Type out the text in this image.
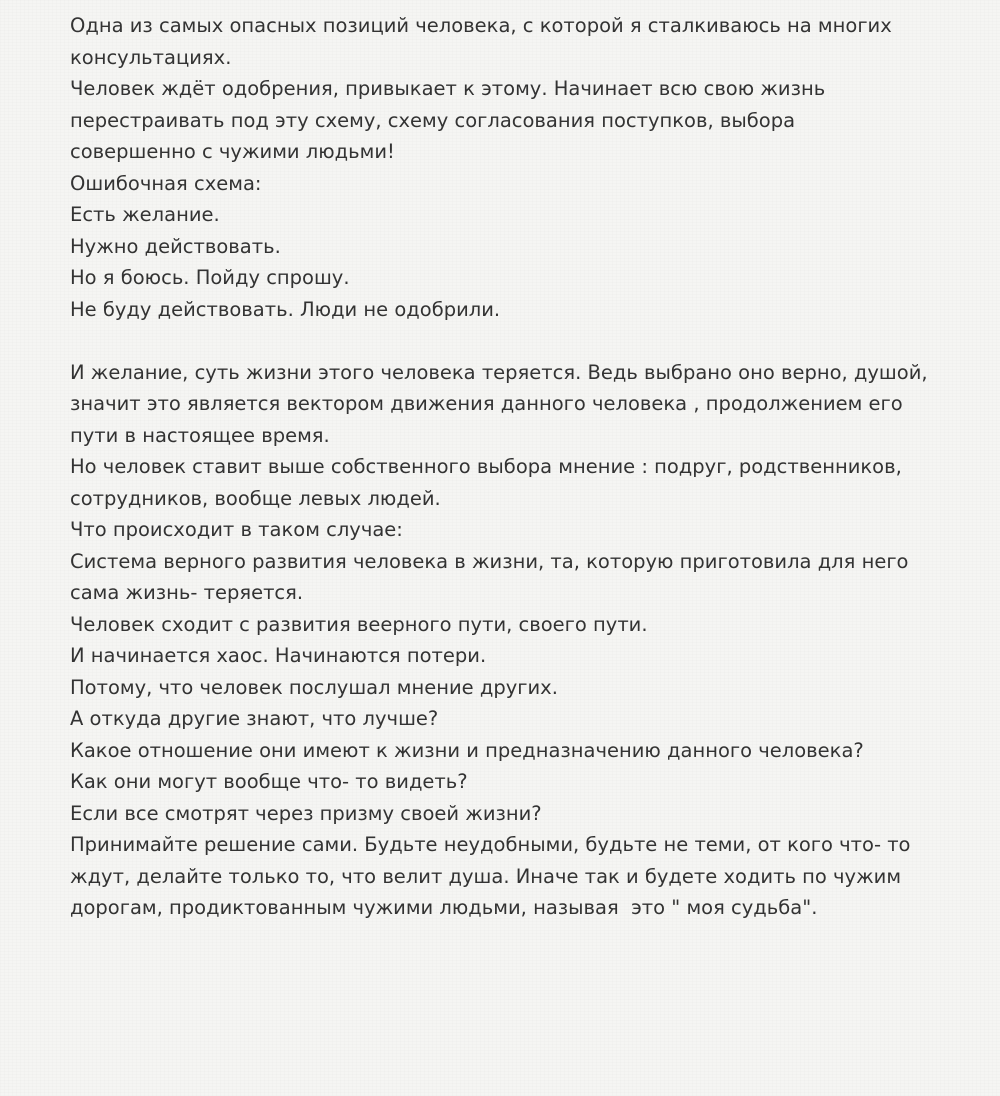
Одна из самых опасных позиций человека, с которой я сталкиваюсь на многих
консультациях.
Человек ждёт одобрения, привыкает к этому. Начинает всю свою жизнь
перестраивать под эту схему, схему согласования поступков, выбора
совершенно с чужими людьми!
Ошибочная схема:
Есть желание.
Нужно действовать.
Но я боюсь. Пойду спрошу.
Не буду действовать. Люди не одобрили.
И желание, суть жизни этого человека теряется. Ведь выбрано оно верно, душой,
значит это является вектором движения данного человека , продолжением его
пути в настоящее время.
Но человек ставит выше собственного выбора мнение : подруг, родственников,
сотрудников, вообще левых людей.
Что происходит в таком случае:
Система верного развития человека в жизни, та, которую приготовила для него
сама жизнь- теряется.
Человек сходит с развития веерного пути, своего пути.
И начинается хаос. Начинаются потери.
Потому, что человек послушал мнение других.
А откуда другие знают, что лучше?
Какое отношение они имеют к жизни и предназначению данного человека?
Как они могут вообще что- то видеть?
Если все смотрят через призму своей жизни?
Принимайте решение сами. Будьте неудобными, будьте не теми, от кого что- то
ждут, делайте только то, что велит душа. Иначе так и будете ходить по чужим
дорогам, продиктованным чужими людьми, называя  это " моя судьба".
